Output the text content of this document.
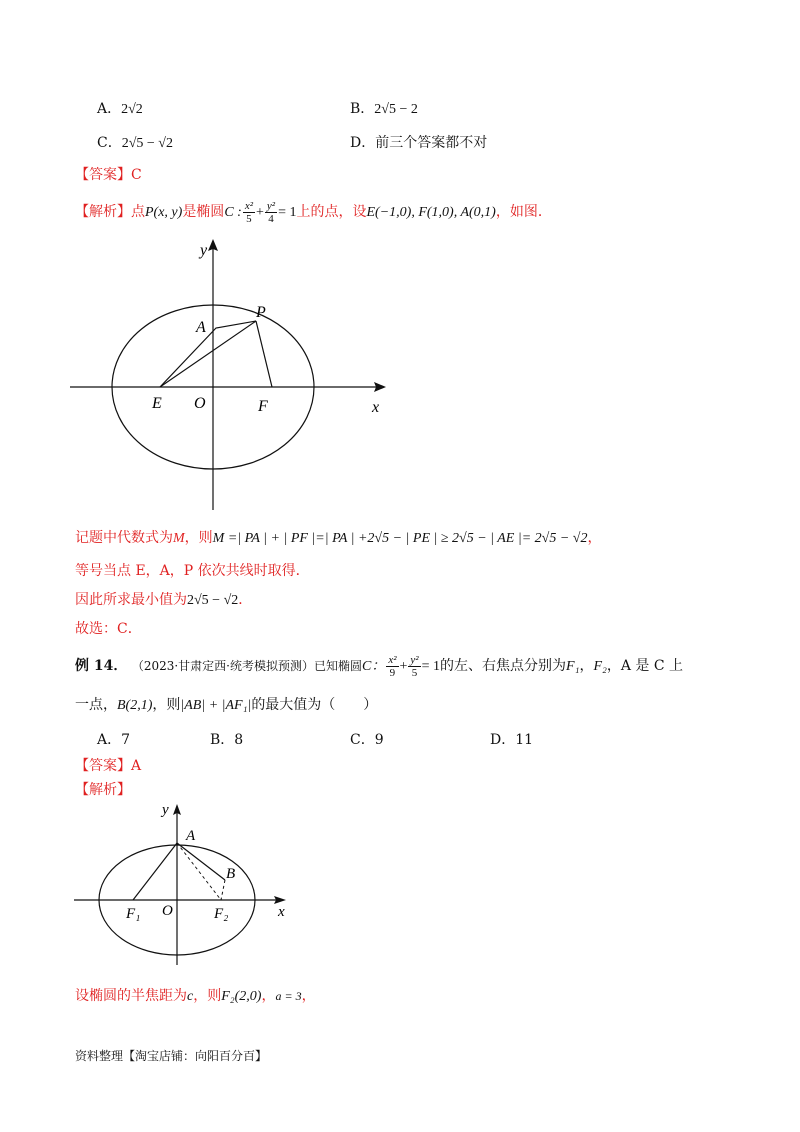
A．2√2	B．2√5 − 2
C．2√5 − √2	D．前三个答案都不对
【答案】C
【解析】点P(x, y)是椭圆C : $\frac{\text{x²}}{5} + \frac{\text{y²}}{4} = 1$上的点，设E(−1,0), F(1,0), A(0,1)，如图．
y
x
A
P
E O	F
记题中代数式为M，则M =| PA | + | PF |=| PA | +2√5 − | PE | ≥ 2√5 − | AE |= 2√5 − √2，
等号当点 E，A，P 依次共线时取得．
因此所求最小值为2√5 − √2．
故选：C．
例 14． （2023·甘肃定西·统考模拟预测）已知椭圆C： $\frac{\text{x²}}{9} + \frac{\text{y²}}{5} = 1$的左、右焦点分别为F₁，F₂，A 是 C 上
一点，B(2,1)，则|AB| + |AF₁|的最大值为（　　）
A．7	B．8	C．9	D．11
【答案】A
【解析】
y
x
A
B
F₁ O	F₂
设椭圆的半焦距为c，则F₂(2,0)，a = 3，
资料整理【淘宝店铺：向阳百分百】
